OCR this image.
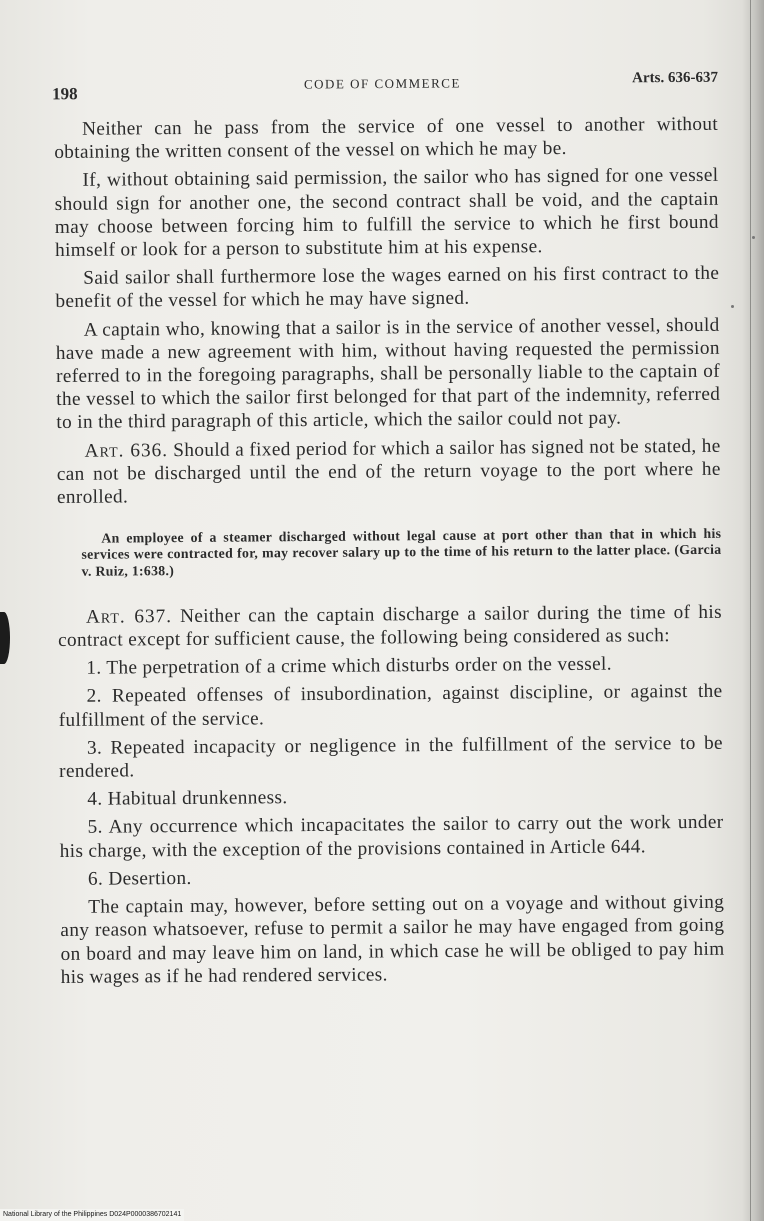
198
CODE OF COMMERCE	Arts. 636-637

Neither can he pass from the service of one vessel to another without obtaining the written consent of the vessel on which he may be.

If, without obtaining said permission, the sailor who has signed for one vessel should sign for another one, the second contract shall be void, and the captain may choose between forcing him to fulfill the service to which he first bound himself or look for a person to substitute him at his expense.

Said sailor shall furthermore lose the wages earned on his first contract to the benefit of the vessel for which he may have signed.

A captain who, knowing that a sailor is in the service of another vessel, should have made a new agreement with him, without having requested the permission referred to in the foregoing paragraphs, shall be personally liable to the captain of the vessel to which the sailor first belonged for that part of the indemnity, referred to in the third paragraph of this article, which the sailor could not pay.

Art. 636. Should a fixed period for which a sailor has signed not be stated, he can not be discharged until the end of the return voyage to the port where he enrolled.

An employee of a steamer discharged without legal cause at port other than that in which his services were contracted for, may recover salary up to the time of his return to the latter place. (Garcia v. Ruiz, 1:638.)

Art. 637. Neither can the captain discharge a sailor during the time of his contract except for sufficient cause, the following being considered as such:

1. The perpetration of a crime which disturbs order on the vessel.

2. Repeated offenses of insubordination, against discipline, or against the fulfillment of the service.

3. Repeated incapacity or negligence in the fulfillment of the service to be rendered.

4. Habitual drunkenness.

5. Any occurrence which incapacitates the sailor to carry out the work under his charge, with the exception of the provisions contained in Article 644.

6. Desertion.

The captain may, however, before setting out on a voyage and without giving any reason whatsoever, refuse to permit a sailor he may have engaged from going on board and may leave him on land, in which case he will be obliged to pay him his wages as if he had rendered services.

National Library of the Philippines D024P0000386702141
